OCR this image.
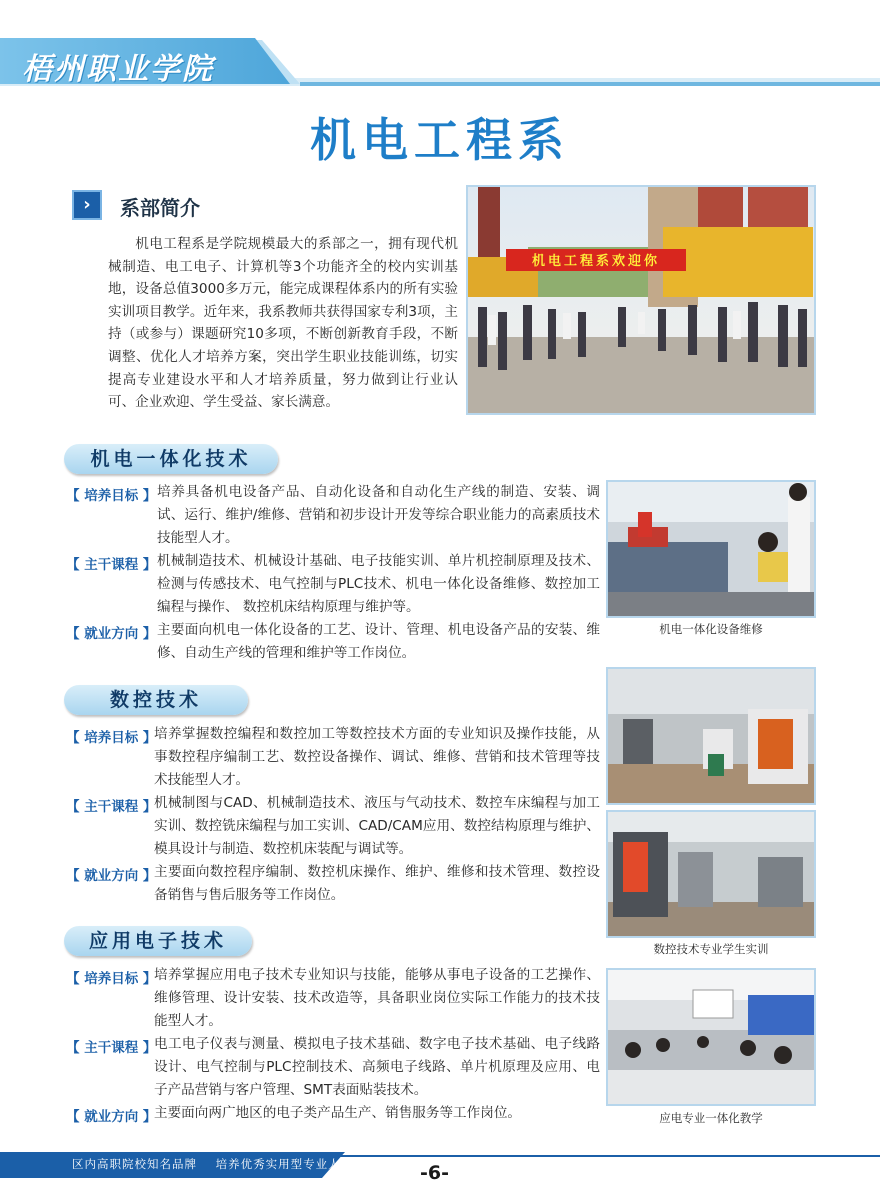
梧州职业学院
机电工程系
›	系部简介
机电工程系是学院规模最大的系部之一，拥有现代机械制造、电工电子、计算机等3个功能齐全的校内实训基地，设备总值3000多万元，能完成课程体系内的所有实验实训项目教学。近年来，我系教师共获得国家专利3项，主持（或参与）课题研究10多项，不断创新教育手段，不断调整、优化人才培养方案，突出学生职业技能训练，切实提高专业建设水平和人才培养质量，努力做到让行业认可、企业欢迎、学生受益、家长满意。
机电工程系欢迎你
机电一体化技术
【 培养目标 】 培养具备机电设备产品、自动化设备和自动化生产线的制造、安装、调试、运行、维护/维修、营销和初步设计开发等综合职业能力的高素质技术技能型人才。
【 主干课程 】 机械制造技术、机械设计基础、电子技能实训、单片机控制原理及技术、检测与传感技术、电气控制与PLC技术、机电一体化设备维修、数控加工编程与操作、 数控机床结构原理与维护等。
【 就业方向 】 主要面向机电一体化设备的工艺、设计、管理、机电设备产品的安装、维修、自动生产线的管理和维护等工作岗位。
机电一体化设备维修
数控技术
【 培养目标 】
培养掌握数控编程和数控加工等数控技术方面的专业知识及操作技能，从事数控程序编制工艺、数控设备操作、调试、维修、营销和技术管理等技术技能型人才。
【 主干课程 】
机械制图与CAD、机械制造技术、液压与气动技术、数控车床编程与加工实训、数控铣床编程与加工实训、CAD/CAM应用、数控结构原理与维护、模具设计与制造、数控机床装配与调试等。
【 就业方向 】
主要面向数控程序编制、数控机床操作、维护、维修和技术管理、数控设备销售与售后服务等工作岗位。
数控技术专业学生实训
应用电子技术
【 培养目标 】
培养掌握应用电子技术专业知识与技能，能够从事电子设备的工艺操作、维修管理、设计安装、技术改造等，具备职业岗位实际工作能力的技术技能型人才。
【 主干课程 】
电工电子仪表与测量、模拟电子技术基础、数字电子技术基础、电子线路设计、电气控制与PLC控制技术、高频电子线路、单片机原理及应用、电子产品营销与客户管理、SMT表面贴装技术。
【 就业方向 】
主要面向两广地区的电子类产品生产、销售服务等工作岗位。	应电专业一体化教学
区内高职院校知名品牌    培养优秀实用型专业人才	-6-
